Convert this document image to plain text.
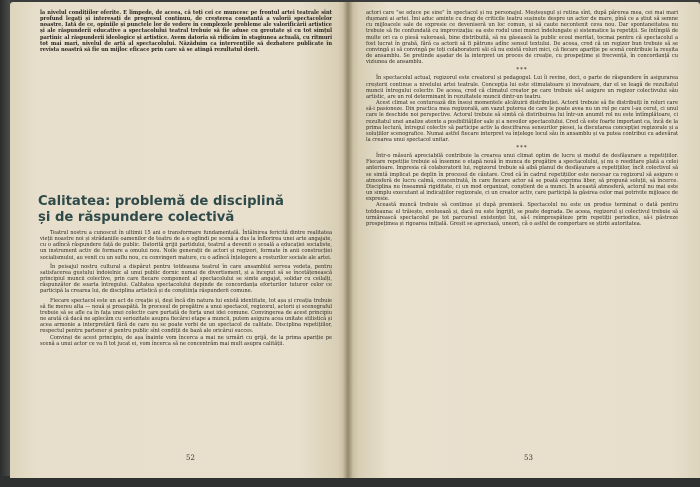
la nivelul condițiilor oferite. E limpede, de aceea, că toți cei ce muncesc pe frontul artei teatrale sînt profund legați și interesați de progresul continuu, de creșterea constantă a valorii spectacolelor noastre. Iată de ce, opiniile și punctele lor de vedere în complexele probleme ale valorificării artistice și ale răspunderii educative a spectacolului teatral trebuie să fie aduse cu greutate și cu tot simțul partinic al răspunderii ideologice și artistice. Avem datoria să ridicăm în stagiunea actuală, cu ritmuri tot mai mari, nivelul de artă al spectacolului. Năzăduim ca intervențiile să dezbatere publicate în revista noastră să fie un mijloc eficace prin care să se atingă rezultatul dorit.

Calitatea: problemă de disciplină
și de răspundere colectivă

Teatrul nostru a cunoscut în ultimii 15 ani o transformare fundamentală. Întâlnirea fericită dintre realitatea vieții noastre noi și strădaniile oamenilor de teatru de a o oglindi pe scenă a dus la înflorirea unei arte angajate, cu o adîncă răspundere față de public. Datorită grijii partidului, teatrul a devenit o școală a educației socialiste, un instrument activ de formare a omului nou. Noile generații de actori și regizori, formate în anii construcției socialismului, au venit cu un suflu nou, cu convingeri mature, cu o adîncă înțelegere a rosturilor sociale ale artei.

În peisajul nostru cultural a dispărut pentru totdeauna teatrul în care ansamblul servea vedeta, pentru satisfacerea gustului îndoielnic al unui public dornic numai de divertisment, și a început să se încetățenească principiul muncii colective, prin care fiecare component al spectacolului se simte angajat, solidar cu ceilalți, răspunzător de soarta întregului. Calitatea spectacolului depinde de concordanța eforturilor tuturor celor ce participă la crearea lui, de disciplina artistică și de conștiința răspunderii comune.

Fiecare spectacol este un act de creație și, deși încă din natura lui există identitate, tot așa și creația trebuie să fie mereu alta — nouă și proaspătă. În procesul de pregătire a unui spectacol, regizorul, actorii și scenograful trebuie să se afle ca în fața unei colectiv care purtată de forța unei idei comune. Convingerea de acest principiu ne arată că dacă ne aplecăm cu seriozitate asupra fiecărei etape a muncii, putem asigura acea unitate stilistică și acea armonie a interpretării fără de care nu se poate vorbi de un spectacol de calitate. Disciplina repetițiilor, respectul pentru partener și pentru public sînt condiții de bază ale oricărui succes.

Convinși de acest principiu, de așa înainte vom încerca a mai ne urmări cu grijă, de la prima apariție pe scenă a unui actor ce va fi tot jucat ei, vom încerca să ne concentrăm mai mult asupra calității.

52

actori care "se educe pe sine" în spectacol și nu personajul. Meșteșugul și rutina sînt, după părerea mea, cei mai mari dușmani ai artei. Îmi aduc aminte cu drag de criticile teatru sușinute despre un actor de mare, pînă ce a știut să semne cu mijloacele sale de expresie ce deveniseră un loc comun, și să caute necontenit ceva nou. Dar spontaneitatea nu trebuie să fie confundată cu improvizația: ea este rodul unei munci îndelungate și sistematice la repetiții. Se întîmplă de multe ori ca o piesă valoroasă, bine distribuită, să nu găsească la public ecoul meritat, tocmai pentru că spectacolul a fost lucrat în grabă, fără ca actorii să fi pătruns adînc sensul textului. De aceea, cred că un regizor bun trebuie să se convingă și să convingă pe toți colaboratorii săi că nu există roluri mici, că fiecare apariție pe scenă contribuie la reușita de ansamblu. Se pretinde așadar de la interpret un proces de creație, cu prospețime și frecvență, în concordanță cu viziunea de ansamblu.

***

În spectacolul actual, regizorul este creatorul și pedagogul. Lui îi revine, deci, o parte de răspundere în asigurarea creșterii continue a nivelului artei teatrale. Concepția lui este stimulatoare și inovatoare, dar el se leagă de rezultatul muncii întregului colectiv. De aceea, cred că climatul creator pe care trebuie să-l asigure un regizor colectivului său artistic, are un rol determinant în rezultatele muncii dintr-un teatru.

Acest climat se conturează din înseși momentele alcătuirii distribuției. Actorii trebuie să fie distribuiți în roluri care să-i pasioneze. Din practica mea regizorală, am vazut puterea de care le poate avea nu un rol pe care l-au cerut, ci unul care le deschide noi perspective. Actorul trebuie să simtă că distribuirea lui într-un anumit rol nu este întîmplătoare, ci rezultatul unei analize atente a posibilităților sale și a nevoilor spectacolului. Cred că este foarte important ca, încă de la prima lectură, întregul colectiv să participe activ la descifrarea sensurilor piesei, la discutarea concepției regizorale și a soluțiilor scenografice. Numai astfel fiecare interpret va înțelege locul său în ansamblu și va putea contribui cu adevărat la crearea unui spectacol unitar.

***

Într-o măsură apreciabilă contribuie la crearea unui climat optim de lucru și modul de desfășurare a repetițiilor. Fiecare repetiție trebuie să însemne o etapă nouă în munca de pregătire a spectacolului, și nu o reeditare plată a celei anterioare. Impresia că colaboratorii lui, regizorul trebuie să aibă planul de desfășurare a repetițiilor, încît colectivul să se simtă implicat pe deplin în procesul de căutare. Cred că în cadrul repetițiilor este necesar ca regizorul să asigure o atmosferă de lucru calmă, concentrată, în care fiecare actor să se poată exprima liber, să propună soluții, să încerce. Disciplina nu înseamnă rigiditate, ci un mod organizat, conștient de a munci. În această atmosferă, actorul nu mai este un simplu executant al indicațiilor regizorale, ci un creator activ, care participă la găsirea celor mai potrivite mijloace de expresie.

Această muncă trebuie să continue și după premieră. Spectacolul nu este un produs terminat o dată pentru totdeauna: el trăiește, evoluează și, dacă nu este îngrijit, se poate degrada. De aceea, regizorul și colectivul trebuie să urmărească spectacolul pe tot parcursul existenței lui, să-l reîmprospăteze prin repetiții periodice, să-i păstreze prospețimea și rigoarea inițială. Greșit se apreciază, uneori, că o astfel de comportare se știrbi autoritatea.

53
